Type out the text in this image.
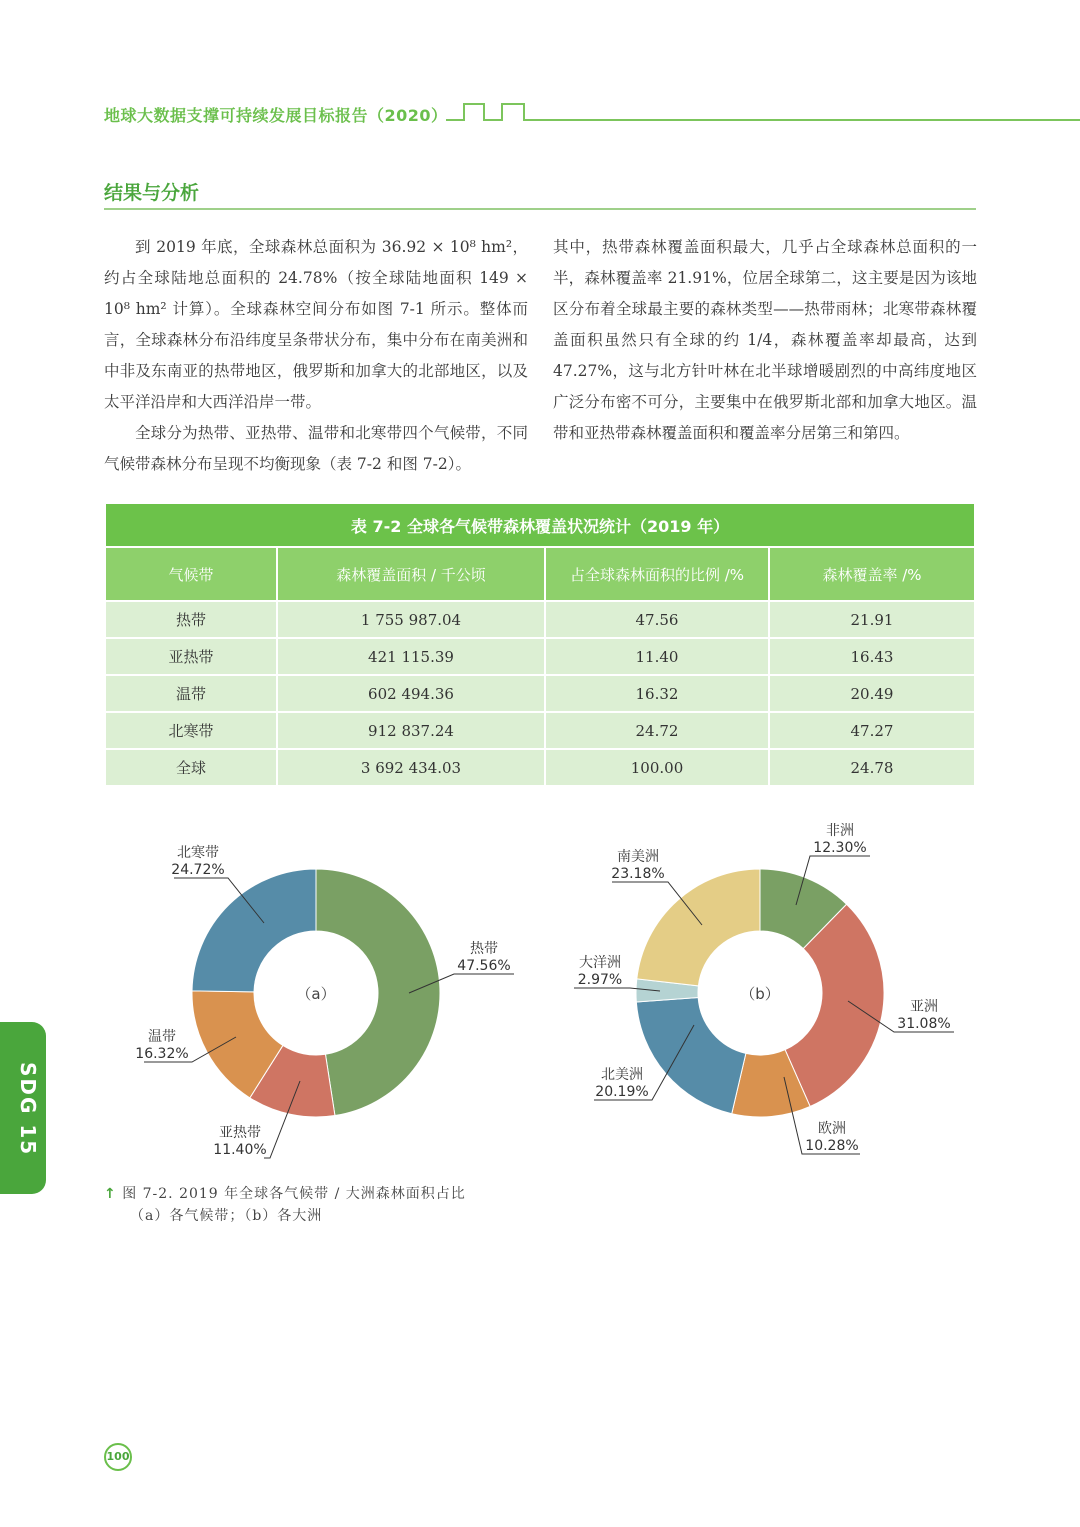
地球大数据支撑可持续发展目标报告（2020）
结果与分析

到 2019 年底，全球森林总面积为 36.92 × 10⁸ hm²，约占全球陆地总面积的 24.78%（按全球陆地面积 149 × 10⁸ hm² 计算）。全球森林空间分布如图 7-1 所示。整体而言，全球森林分布沿纬度呈条带状分布，集中分布在南美洲和中非及东南亚的热带地区，俄罗斯和加拿大的北部地区，以及太平洋沿岸和大西洋沿岸一带。

全球分为热带、亚热带、温带和北寒带四个气候带，不同气候带森林分布呈现不均衡现象（表 7-2 和图 7-2）。

其中，热带森林覆盖面积最大，几乎占全球森林总面积的一半，森林覆盖率 21.91%，位居全球第二，这主要是因为该地区分布着全球最主要的森林类型——热带雨林；北寒带森林覆盖面积虽然只有全球的约 1/4，森林覆盖率却最高，达到 47.27%，这与北方针叶林在北半球增暖剧烈的中高纬度地区广泛分布密不可分，主要集中在俄罗斯北部和加拿大地区。温带和亚热带森林覆盖面积和覆盖率分居第三和第四。

表 7-2 全球各气候带森林覆盖状况统计（2019 年）			
气候带	森林覆盖面积 / 千公顷	占全球森林面积的比例 /%	森林覆盖率 /%
热带	1 755 987.04	47.56	21.91
亚热带	421 115.39	11.40	16.43
温带	602 494.36	16.32	20.49
北寒带	912 837.24	24.72	47.27
全球	3 692 434.03	100.00	24.78
（a）
热带
47.56%
亚热带
11.40%
温带
16.32%
北寒带
24.72%
（b）
非洲
12.30%
亚洲
31.08%
欧洲
10.28%
北美洲
20.19%
大洋洲
2.97%
南美洲
23.18%
↑ 图 7-2. 2019 年全球各气候带 / 大洲森林面积占比
（a）各气候带；（b）各大洲
SDG 15
100
